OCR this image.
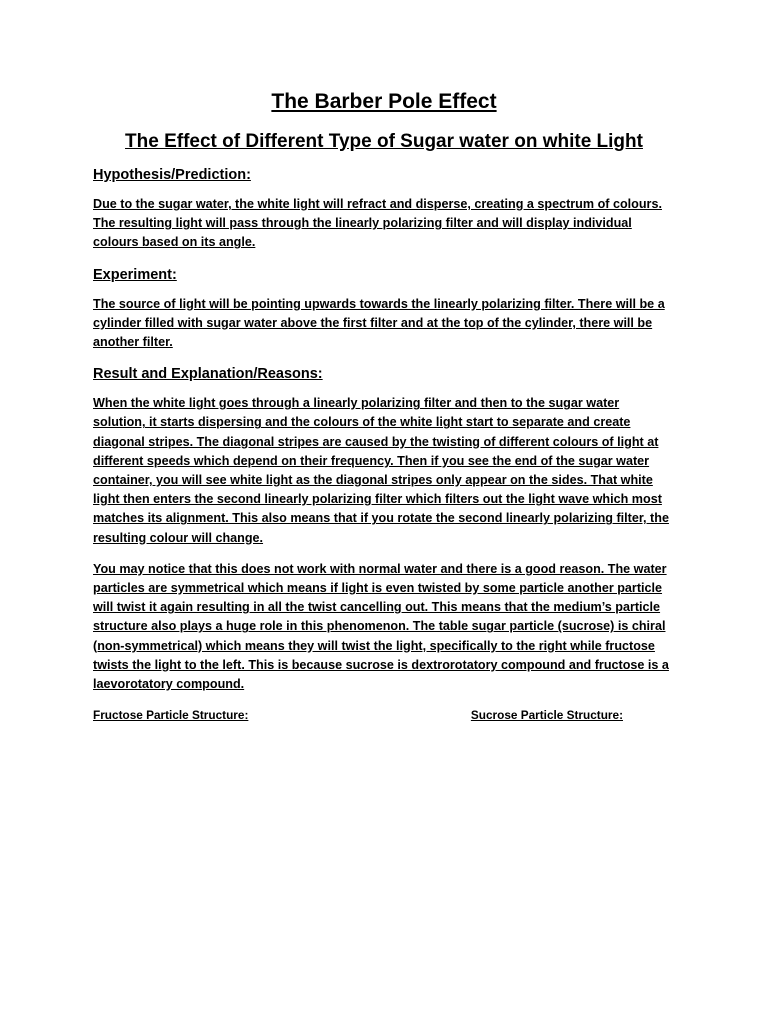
The Barber Pole Effect
The Effect of Different Type of Sugar water on white Light
Hypothesis/Prediction:

Due to the sugar water, the white light will refract and disperse, creating a spectrum of colours. The resulting light will pass through the linearly polarizing filter and will display individual colours based on its angle.

Experiment:

The source of light will be pointing upwards towards the linearly polarizing filter. There will be a cylinder filled with sugar water above the first filter and at the top of the cylinder, there will be another filter.

Result and Explanation/Reasons:

When the white light goes through a linearly polarizing filter and then to the sugar water solution, it starts dispersing and the colours of the white light start to separate and create diagonal stripes. The diagonal stripes are caused by the twisting of different colours of light at different speeds which depend on their frequency. Then if you see the end of the sugar water container, you will see white light as the diagonal stripes only appear on the sides. That white light then enters the second linearly polarizing filter which filters out the light wave which most matches its alignment. This also means that if you rotate the second linearly polarizing filter, the resulting colour will change.

You may notice that this does not work with normal water and there is a good reason. The water particles are symmetrical which means if light is even twisted by some particle another particle will twist it again resulting in all the twist cancelling out. This means that the medium’s particle structure also plays a huge role in this phenomenon. The table sugar particle (sucrose) is chiral (non-symmetrical) which means they will twist the light, specifically to the right while fructose twists the light to the left. This is because sucrose is dextrorotatory compound and fructose is a laevorotatory compound.

Fructose Particle Structure:	Sucrose Particle Structure:
